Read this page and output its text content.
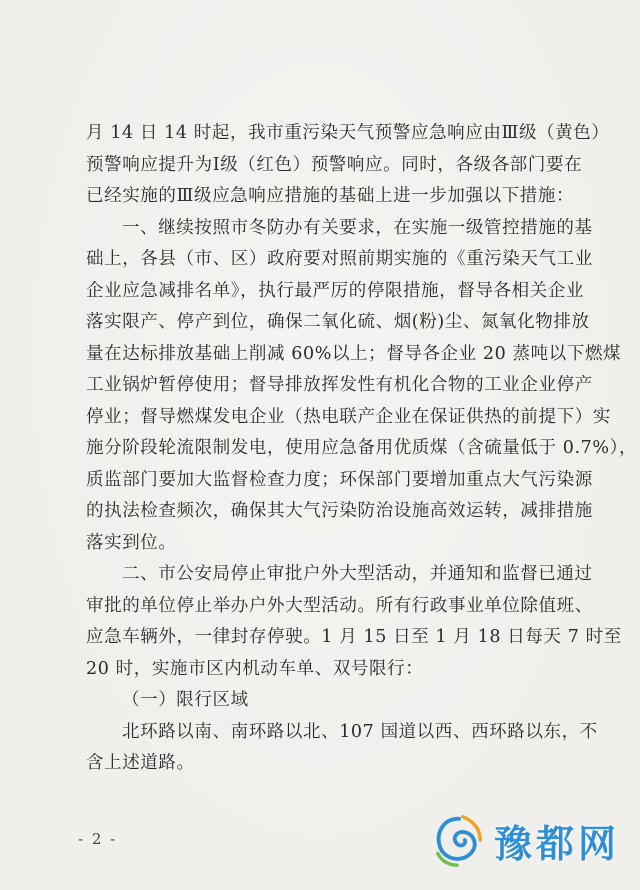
月 14 日 14 时起，我市重污染天气预警应急响应由Ⅲ级（黄色）
预警响应提升为Ⅰ级（红色）预警响应。同时，各级各部门要在
已经实施的Ⅲ级应急响应措施的基础上进一步加强以下措施：
一、继续按照市冬防办有关要求，在实施一级管控措施的基
础上，各县（市、区）政府要对照前期实施的《重污染天气工业
企业应急减排名单》，执行最严厉的停限措施，督导各相关企业
落实限产、停产到位，确保二氧化硫、烟(粉)尘、氮氧化物排放
量在达标排放基础上削减 60%以上；督导各企业 20 蒸吨以下燃煤
工业锅炉暂停使用；督导排放挥发性有机化合物的工业企业停产
停业；督导燃煤发电企业（热电联产企业在保证供热的前提下）实
施分阶段轮流限制发电，使用应急备用优质煤（含硫量低于 0.7%），
质监部门要加大监督检查力度；环保部门要增加重点大气污染源
的执法检查频次，确保其大气污染防治设施高效运转，减排措施
落实到位。
二、市公安局停止审批户外大型活动，并通知和监督已通过
审批的单位停止举办户外大型活动。所有行政事业单位除值班、
应急车辆外，一律封存停驶。1 月 15 日至 1 月 18 日每天 7 时至
20 时，实施市区内机动车单、双号限行：
（一）限行区域
北环路以南、南环路以北、107 国道以西、西环路以东，不
含上述道路。
- 2 -	豫都网
